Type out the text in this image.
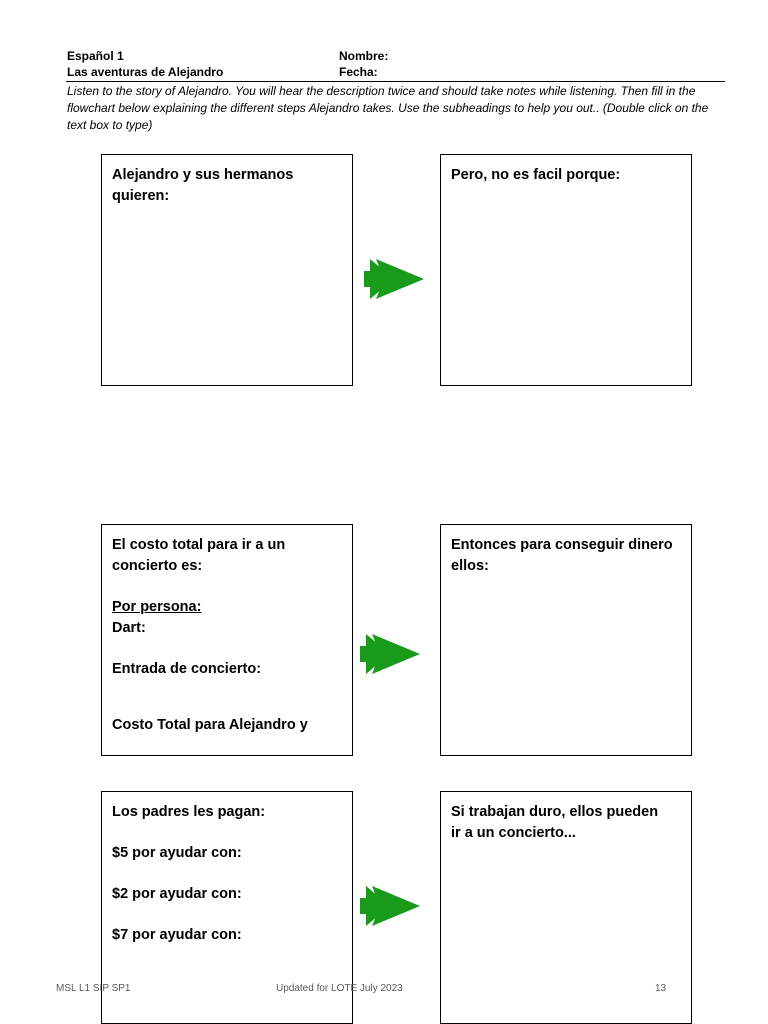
Español 1
Las aventuras de Alejandro
Nombre:
Fecha:
Listen to the story of Alejandro. You will hear the description twice and should take notes while listening. Then fill in the flowchart below explaining the different steps Alejandro takes. Use the subheadings to help you out.. (Double click on the text box to type)
Alejandro y sus hermanos
quieren:
Pero, no es facil porque:
El costo total para ir a un
concierto es:
Por persona:
Dart:
Entrada de concierto:
Costo Total para Alejandro y
Entonces para conseguir dinero
ellos:
Los padres les pagan:
$5 por ayudar con:
$2 por ayudar con:
$7 por ayudar con:
Si trabajan duro, ellos pueden
ir a un concierto...
MSL L1 SIP SP1	Updated for LOTE July 2023	13
